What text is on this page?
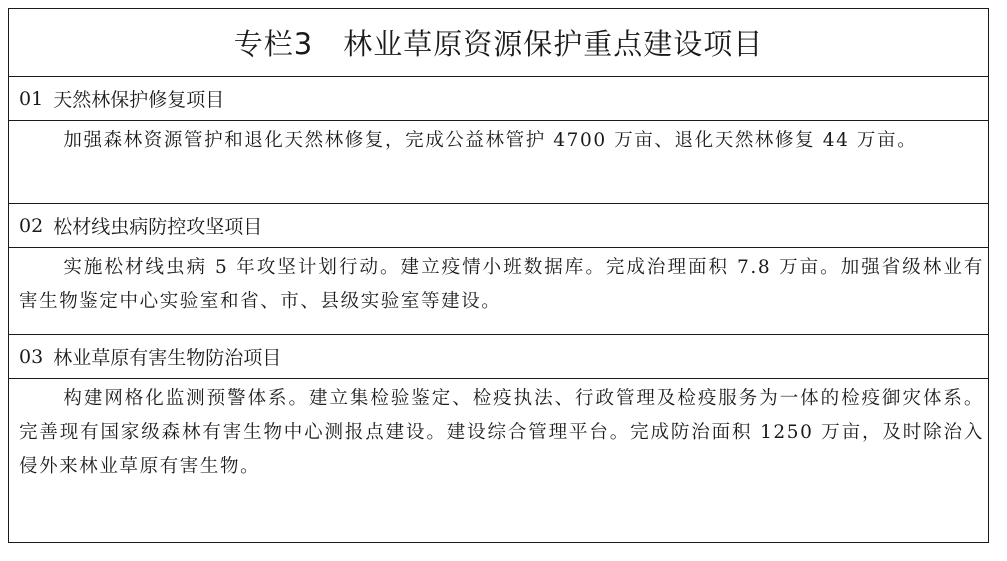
专栏3 林业草原资源保护重点建设项目
01 天然林保护修复项目
加强森林资源管护和退化天然林修复，完成公益林管护 4700 万亩、退化天然林修复 44 万亩。
02 松材线虫病防控攻坚项目
实施松材线虫病 5 年攻坚计划行动。建立疫情小班数据库。完成治理面积 7.8 万亩。加强省级林业有害生物鉴定中心实验室和省、市、县级实验室等建设。
03 林业草原有害生物防治项目
构建网格化监测预警体系。建立集检验鉴定、检疫执法、行政管理及检疫服务为一体的检疫御灾体系。完善现有国家级森林有害生物中心测报点建设。建设综合管理平台。完成防治面积 1250 万亩，及时除治入侵外来林业草原有害生物。
